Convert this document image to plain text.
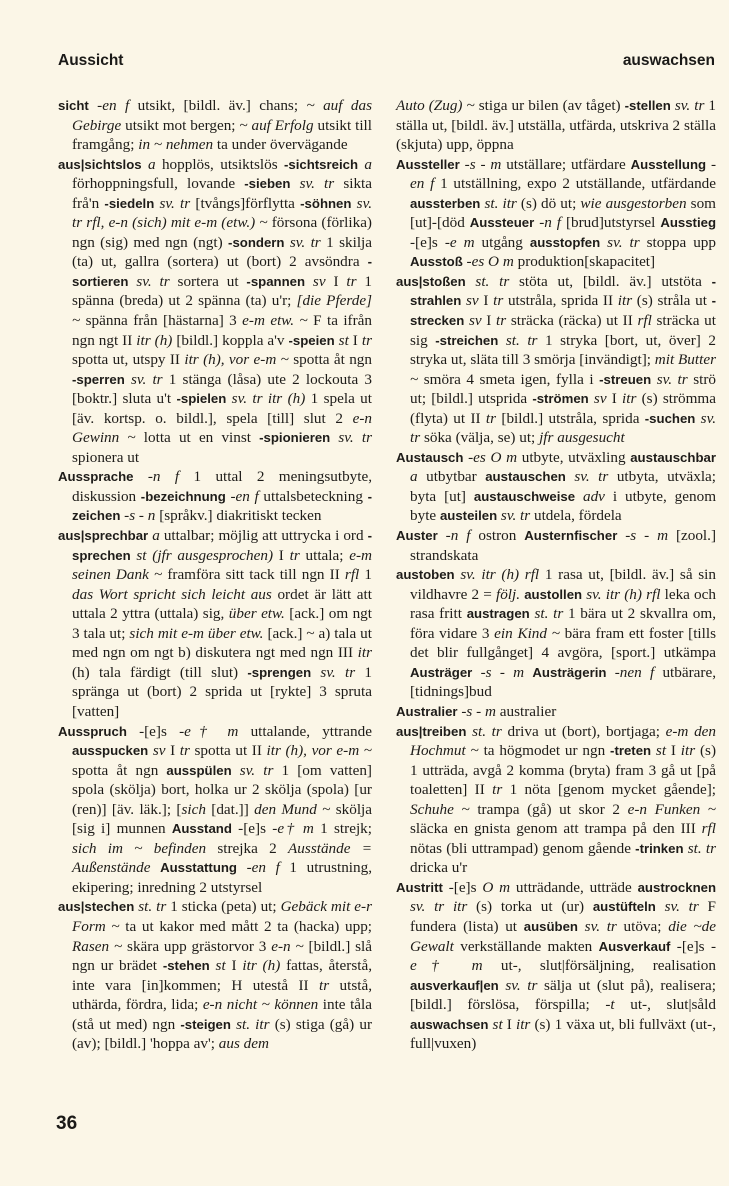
Aussicht	auswachsen

sicht -en f utsikt, [bildl. äv.] chans; ~ auf das Gebirge utsikt mot bergen; ~ auf Erfolg utsikt till framgång; in ~ nehmen ta under övervägande

aus|sichtslos a hopplös, utsiktslös -sichtsreich a förhoppningsfull, lovande -sieben sv. tr sikta frå'n -siedeln sv. tr [tvångs]förflytta -söhnen sv. tr rfl, e-n (sich) mit e-m (etw.) ~ försona (förlika) ngn (sig) med ngn (ngt) -sondern sv. tr 1 skilja (ta) ut, gallra (sortera) ut (bort) 2 avsöndra -sortieren sv. tr sortera ut -spannen sv I tr 1 spänna (breda) ut 2 spänna (ta) u'r; [die Pferde] ~ spänna från [hästarna] 3 e-m etw. ~ F ta ifrån ngn ngt II itr (h) [bildl.] koppla a'v -speien st I tr spotta ut, utspy II itr (h), vor e-m ~ spotta åt ngn -sperren sv. tr 1 stänga (låsa) ute 2 lockouta 3 [boktr.] sluta u't -spielen sv. tr itr (h) 1 spela ut [äv. kortsp. o. bildl.], spela [till] slut 2 e-n Gewinn ~ lotta ut en vinst -spionieren sv. tr spionera ut

Aussprache -n f 1 uttal 2 meningsutbyte, diskussion -bezeichnung -en f uttalsbeteckning -zeichen -s - n [språkv.] diakritiskt tecken

aus|sprechbar a uttalbar; möjlig att uttrycka i ord -sprechen st (jfr ausgesprochen) I tr uttala; e-m seinen Dank ~ framföra sitt tack till ngn II rfl 1 das Wort spricht sich leicht aus ordet är lätt att uttala 2 yttra (uttala) sig, über etw. [ack.] om ngt 3 tala ut; sich mit e-m über etw. [ack.] ~ a) tala ut med ngn om ngt b) diskutera ngt med ngn III itr (h) tala färdigt (till slut) -sprengen sv. tr 1 spränga ut (bort) 2 sprida ut [rykte] 3 spruta [vatten]

Ausspruch -[e]s -e† m uttalande, yttrande ausspucken sv I tr spotta ut II itr (h), vor e-m ~ spotta åt ngn ausspülen sv. tr 1 [om vatten] spola (skölja) bort, holka ur 2 skölja (spola) [ur (ren)] [äv. läk.]; [sich [dat.]] den Mund ~ skölja [sig i] munnen Ausstand -[e]s -e† m 1 strejk; sich im ~ befinden strejka 2 Ausstände = Außenstände Ausstattung -en f 1 utrustning, ekipering; inredning 2 utstyrsel

aus|stechen st. tr 1 sticka (peta) ut; Gebäck mit e-r Form ~ ta ut kakor med mått 2 ta (hacka) upp; Rasen ~ skära upp grästorvor 3 e-n ~ [bildl.] slå ngn ur brädet -stehen st I itr (h) fattas, återstå, inte vara [in]kommen; H utestå II tr utstå, uthärda, fördra, lida; e-n nicht ~ können inte tåla (stå ut med) ngn -steigen st. itr (s) stiga (gå) ur (av); [bildl.] 'hoppa av'; aus dem

Auto (Zug) ~ stiga ur bilen (av tåget) -stellen sv. tr 1 ställa ut, [bildl. äv.] utställa, utfärda, utskriva 2 ställa (skjuta) upp, öppna

Aussteller -s - m utställare; utfärdare Ausstellung -en f 1 utställning, expo 2 utställande, utfärdande aussterben st. itr (s) dö ut; wie ausgestorben som [ut]-[död Aussteuer -n f [brud]utstyrsel Ausstieg -[e]s -e m utgång ausstopfen sv. tr stoppa upp Ausstoß -es O m produktion[skapacitet]

aus|stoßen st. tr stöta ut, [bildl. äv.] utstöta -strahlen sv I tr utstråla, sprida II itr (s) stråla ut -strecken sv I tr sträcka (räcka) ut II rfl sträcka ut sig -streichen st. tr 1 stryka [bort, ut, över] 2 stryka ut, släta till 3 smörja [invändigt]; mit Butter ~ smöra 4 smeta igen, fylla i -streuen sv. tr strö ut; [bildl.] utsprida -strömen sv I itr (s) strömma (flyta) ut II tr [bildl.] utstråla, sprida -suchen sv. tr söka (välja, se) ut; jfr ausgesucht

Austausch -es O m utbyte, utväxling austauschbar a utbytbar austauschen sv. tr utbyta, utväxla; byta [ut] austauschweise adv i utbyte, genom byte austeilen sv. tr utdela, fördela

Auster -n f ostron Austernfischer -s - m [zool.] strandskata

austoben sv. itr (h) rfl 1 rasa ut, [bildl. äv.] så sin vildhavre 2 = följ. austollen sv. itr (h) rfl leka och rasa fritt austragen st. tr 1 bära ut 2 skvallra om, föra vidare 3 ein Kind ~ bära fram ett foster [tills det blir fullgånget] 4 avgöra, [sport.] utkämpa Austräger -s - m Austrägerin -nen f utbärare, [tidnings]bud

Australier -s - m australier

aus|treiben st. tr driva ut (bort), bortjaga; e-m den Hochmut ~ ta högmodet ur ngn -treten st I itr (s) 1 utträda, avgå 2 komma (bryta) fram 3 gå ut [på toaletten] II tr 1 nöta [genom mycket gående]; Schuhe ~ trampa (gå) ut skor 2 e-n Funken ~ släcka en gnista genom att trampa på den III rfl nötas (bli uttrampad) genom gående -trinken st. tr dricka u'r

Austritt -[e]s O m utträdande, utträde austrocknen sv. tr itr (s) torka ut (ur) austüfteln sv. tr F fundera (lista) ut ausüben sv. tr utöva; die ~de Gewalt verkställande makten Ausverkauf -[e]s -e† m ut-, slut|försäljning, realisation ausverkauf|en sv. tr sälja ut (slut på), realisera; [bildl.] förslösa, förspilla; -t ut-, slut|såld auswachsen st I itr (s) 1 växa ut, bli fullväxt (ut-, full|vuxen)

36
